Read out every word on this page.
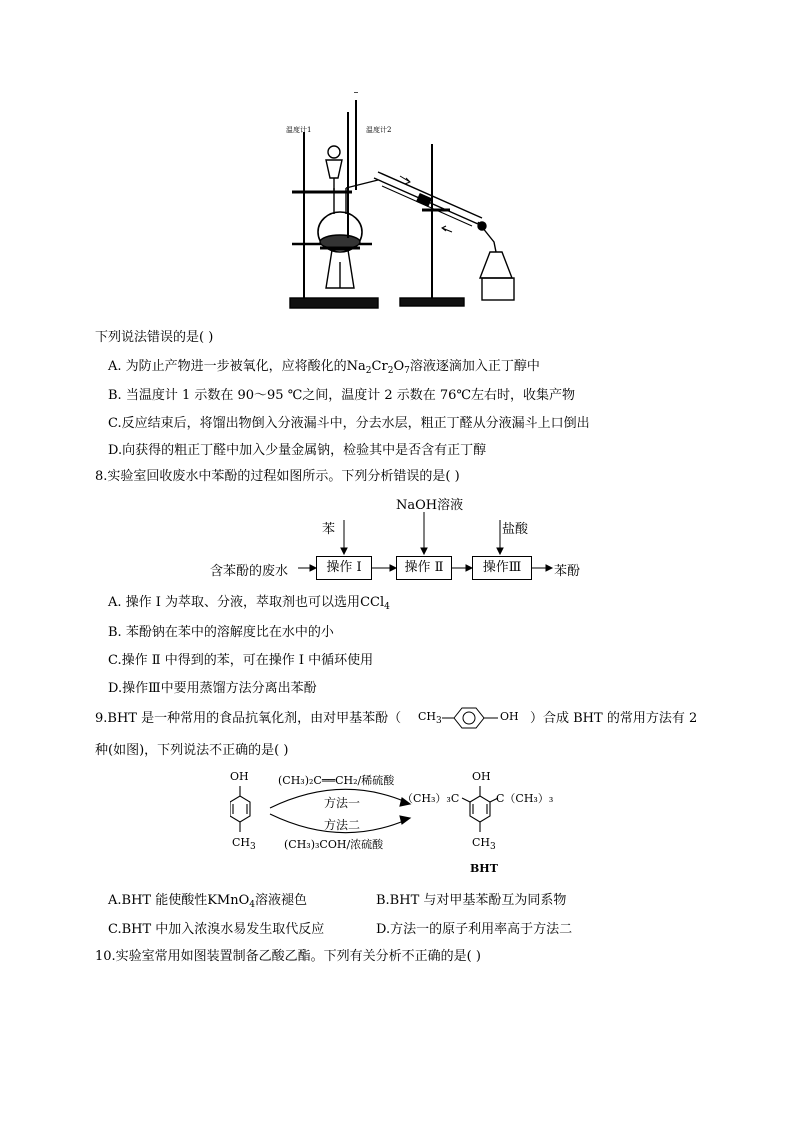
温度计1	温度计2
下列说法错误的是( )
A. 为防止产物进一步被氧化，应将酸化的$Na_2Cr_2O_7$溶液逐滴加入正丁醇中
B. 当温度计 1 示数在 90～95 ℃之间，温度计 2 示数在 76℃左右时，收集产物
C.反应结束后，将馏出物倒入分液漏斗中，分去水层，粗正丁醛从分液漏斗上口倒出
D.向获得的粗正丁醛中加入少量金属钠，检验其中是否含有正丁醇
8.实验室回收废水中苯酚的过程如图所示。下列分析错误的是( )
含苯酚的废水	操作 Ⅰ	操作 Ⅱ	操作Ⅲ	苯酚
苯
NaOH溶液
盐酸
A. 操作 Ⅰ 为萃取、分液，萃取剂也可以选用CCl$_4$
B. 苯酚钠在苯中的溶解度比在水中的小
C.操作 Ⅱ 中得到的苯，可在操作 Ⅰ 中循环使用
D.操作Ⅲ中要用蒸馏方法分离出苯酚
9.BHT 是一种常用的食品抗氧化剂，由对甲基苯酚（ $CH_3$	OH ）合成 BHT 的常用方法有 2
种(如图)，下列说法不正确的是( )
OH
$CH_3$
(CH₃)₂C══CH₂/稀硫酸
方法一
方法二
(CH₃)₃COH/浓硫酸
OH
（CH₃）₃C	C（CH₃）₃
$CH_3$
BHT
A.BHT 能使酸性KMnO$_4$溶液褪色	B.BHT 与对甲基苯酚互为同系物
C.BHT 中加入浓溴水易发生取代反应	D.方法一的原子利用率高于方法二
10.实验室常用如图装置制备乙酸乙酯。下列有关分析不正确的是( )
